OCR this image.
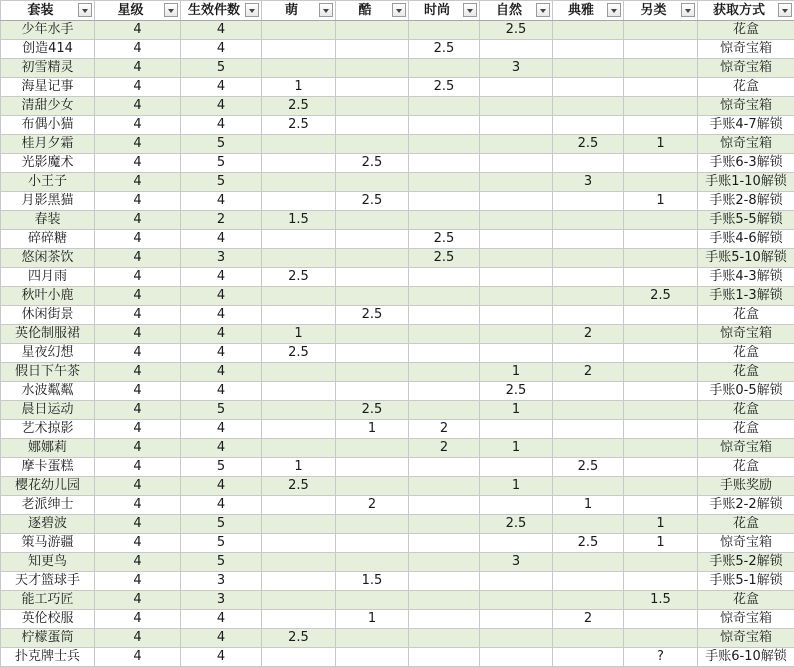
套装	星级	生效件数	萌	酷	时尚	自然	典雅	另类	获取方式

少年水手	4	4				2.5			花盒
创造414	4	4			2.5				惊奇宝箱
初雪精灵	4	5				3			惊奇宝箱
海星记事	4	4	1		2.5				花盒
清甜少女	4	4	2.5						惊奇宝箱
布偶小猫	4	4	2.5						手账4-7解锁
桂月夕霜	4	5					2.5	1	惊奇宝箱
光影魔术	4	5		2.5					手账6-3解锁
小王子	4	5					3		手账1-10解锁
月影黑猫	4	4		2.5				1	手账2-8解锁
春装	4	2	1.5						手账5-5解锁
碎碎糖	4	4			2.5				手账4-6解锁
悠闲茶饮	4	3			2.5				手账5-10解锁
四月雨	4	4	2.5						手账4-3解锁
秋叶小鹿	4	4						2.5	手账1-3解锁
休闲街景	4	4		2.5					花盒
英伦制服裙	4	4	1				2		惊奇宝箱
星夜幻想	4	4	2.5						花盒
假日下午茶	4	4				1	2		花盒
水波粼粼	4	4				2.5			手账0-5解锁
晨日运动	4	5		2.5		1			花盒
艺术掠影	4	4		1	2				花盒
娜娜莉	4	4			2	1			惊奇宝箱
摩卡蛋糕	4	5	1				2.5		花盒
樱花幼儿园	4	4	2.5			1			手账奖励
老派绅士	4	4		2			1		手账2-2解锁
逐碧波	4	5				2.5		1	花盒
策马游疆	4	5					2.5	1	惊奇宝箱
知更鸟	4	5				3			手账5-2解锁
天才篮球手	4	3		1.5					手账5-1解锁
能工巧匠	4	3						1.5	花盒
英伦校服	4	4		1			2		惊奇宝箱
柠檬蛋筒	4	4	2.5						惊奇宝箱
扑克牌士兵	4	4						?	手账6-10解锁
